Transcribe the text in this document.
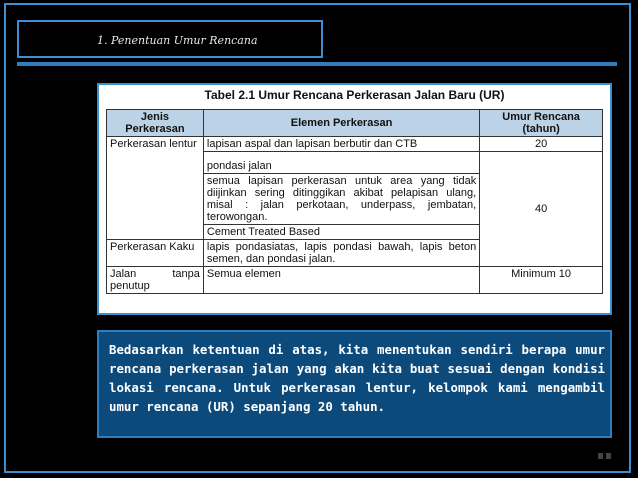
1. Penentuan Umur Rencana
Tabel 2.1 Umur Rencana Perkerasan Jalan Baru (UR)
Jenis Perkerasan	Elemen Perkerasan	Umur Rencana (tahun)
Perkerasan lentur	lapisan aspal dan lapisan berbutir dan CTB	20
	pondasi jalan	40
	semua lapisan perkerasan untuk area yang tidak diijinkan sering ditinggikan akibat pelapisan ulang, misal : jalan perkotaan, underpass, jembatan, terowongan.	
	Cement Treated Based	
Perkerasan Kaku	lapis pondasiatas, lapis pondasi bawah, lapis beton semen, dan pondasi jalan.	
Jalan tanpa penutup	Semua elemen	Minimum 10
Bedasarkan ketentuan di atas, kita menentukan sendiri berapa umur rencana perkerasan jalan yang akan kita buat sesuai dengan kondisi lokasi rencana. Untuk perkerasan lentur, kelompok kami mengambil umur rencana (UR) sepanjang 20 tahun.
